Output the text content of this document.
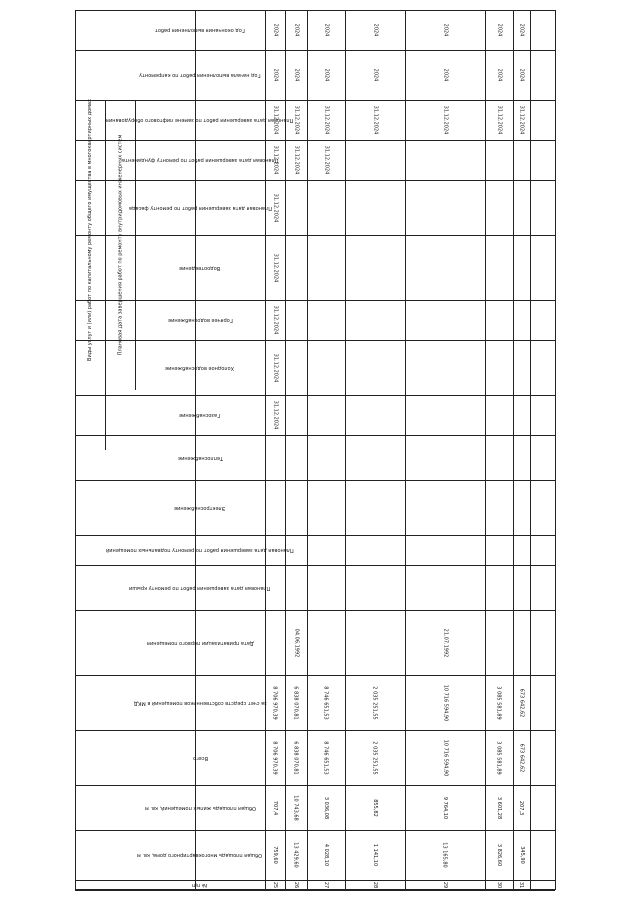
Год окончания выполнения работ
Год начала выполнения работ по капремонту
Плановая дата завершения работ по замене лифтового оборудования
Плановая дата завершения работ по ремонту фундамента
Плановая дата завершения работ по ремонту фасада
Водоотведение
Горячее водоснабжение
Холодное водоснабжение
Газоснабжение
Теплоснабжение
Электроснабжение
Плановая дата завершения работ по ремонту подвальных помещений
Плановая дата завершения работ по ремонту крыши
Дата приватизации первого помещения
за счет средств собственников помещений в МКД
Всего
Общая площадь жилых помещений, кв. м
Общая площадь многоквартирного дома, кв. м
№ п/п
Виды услуг и (или) работ по капитальному ремонту общего имущества в многоквартирных домах	Плановая дата завершения работ по ремонту внутридомовых инженерных систем
2024
2024
31.12.2024
31.12.2024
31.12.2024
31.12.2024
31.12.2024
31.12.2024
31.12.2024
8 706 970,39
8 706 970,39
707,4
759,60
25
2024
2024
31.12.2024
31.12.2024
04.06.1992
6 838 070,81
6 838 070,81
10 743,68
13 429,60
26
2024
2024
31.12.2024
31.12.2024
8 746 651,53
8 746 651,53
3 036,08
4 028,10
27
2024
2024
31.12.2024
2 035 251,55
2 035 251,55
855,82
1 141,10
28
2024
2024
31.12.2024
21.07.1992
10 716 594,90
10 716 594,90
9 764,10
13 165,80
29
2024
2024
31.12.2024
3 085 581,89
3 085 581,89
3 601,28
3 826,60
30
2024
2024
31.12.2024
673 642,62
673 642,62
207,3
345,90
31
